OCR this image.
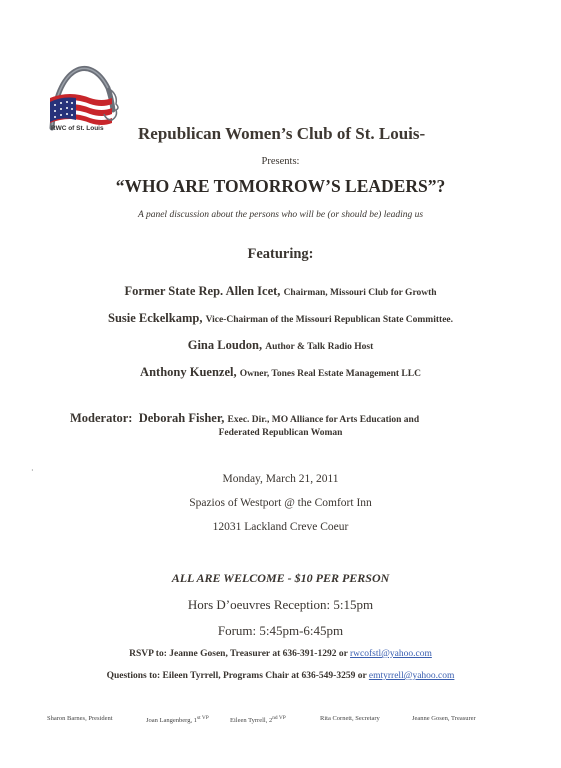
RWC of St. Louis Republican Women’s Club of St. Louis-
Presents:
“WHO ARE TOMORROW’S LEADERS”?
A panel discussion about the persons who will be (or should be) leading us
Featuring:
Former State Rep. Allen Icet, Chairman, Missouri Club for Growth
Susie Eckelkamp, Vice-Chairman of the Missouri Republican State Committee.
Gina Loudon, Author & Talk Radio Host
Anthony Kuenzel, Owner, Tones Real Estate Management LLC
Moderator: Deborah Fisher, Exec. Dir., MO Alliance for Arts Education and
Federated Republican Woman
·
Monday, March 21, 2011
Spazios of Westport @ the Comfort Inn
12031 Lackland Creve Coeur
ALL ARE WELCOME - $10 PER PERSON
Hors D’oeuvres Reception: 5:15pm
Forum: 5:45pm-6:45pm
RSVP to: Jeanne Gosen, Treasurer at 636-391-1292 or rwcofstl@yahoo.com
Questions to: Eileen Tyrrell, Programs Chair at 636-549-3259 or emtyrrell@yahoo.com
Sharon Barnes, President	Joan Langenberg, $1^{st VP}$	Eileen Tyrrell, $2^{nd VP}$	Rita Cornett, Secretary	Jeanne Gosen, Treasurer
